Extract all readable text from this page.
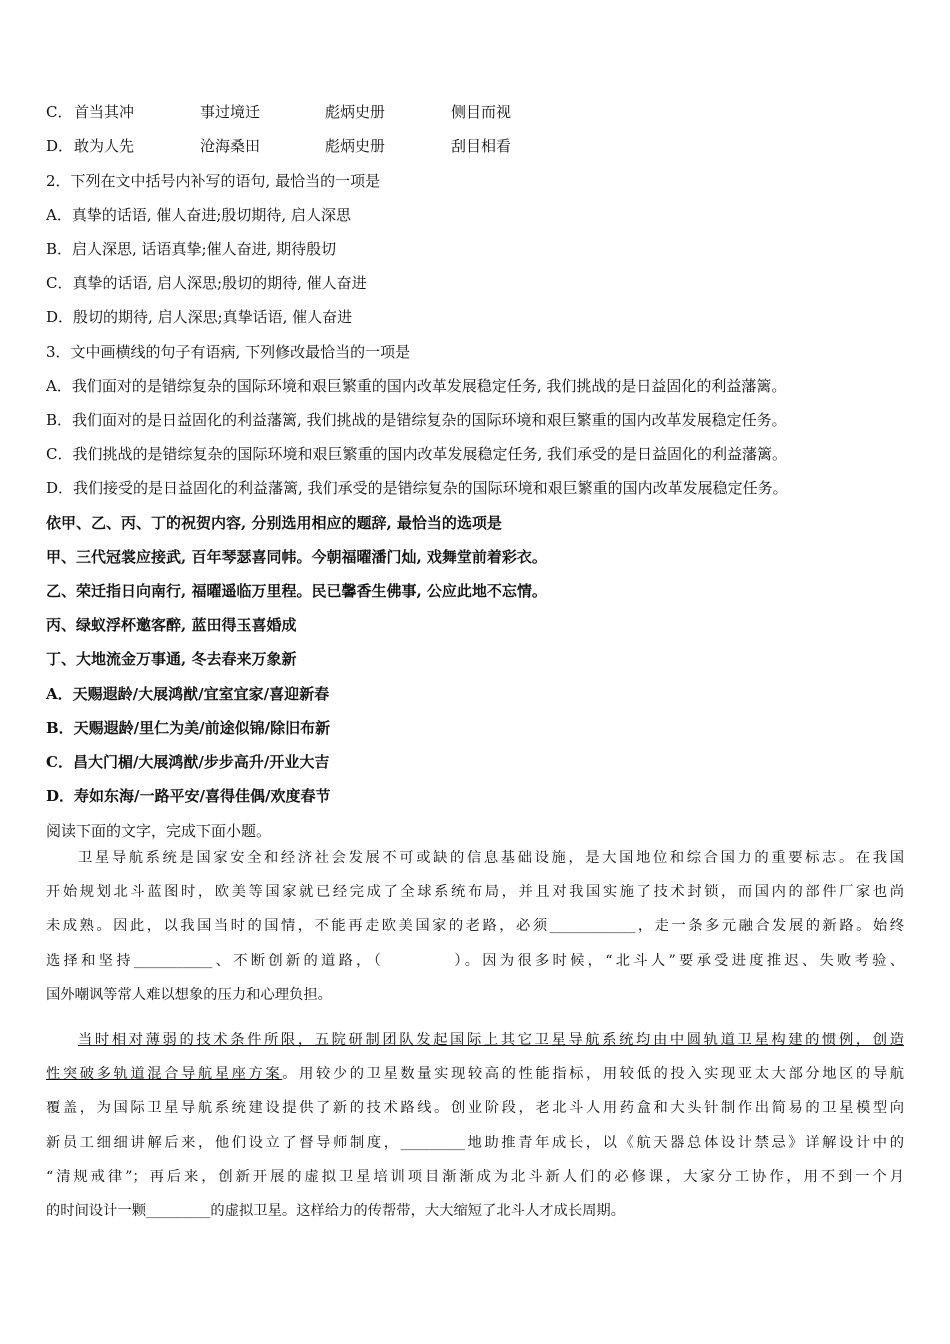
C． 首当其冲	事过境迁	彪炳史册	侧目而视
D． 敢为人先	沧海桑田	彪炳史册	刮目相看
2．下列在文中括号内补写的语句, 最恰当的一项是
A．真挚的话语, 催人奋进;殷切期待, 启人深思
B．启人深思, 话语真挚;催人奋进, 期待殷切
C．真挚的话语, 启人深思;殷切的期待, 催人奋进
D．殷切的期待, 启人深思;真挚话语, 催人奋进
3．文中画横线的句子有语病, 下列修改最恰当的一项是
A．我们面对的是错综复杂的国际环境和艰巨繁重的国内改革发展稳定任务, 我们挑战的是日益固化的利益藩篱。
B．我们面对的是日益固化的利益藩篱, 我们挑战的是错综复杂的国际环境和艰巨繁重的国内改革发展稳定任务。
C．我们挑战的是错综复杂的国际环境和艰巨繁重的国内改革发展稳定任务, 我们承受的是日益固化的利益藩篱。
D．我们接受的是日益固化的利益藩篱, 我们承受的是错综复杂的国际环境和艰巨繁重的国内改革发展稳定任务。
依甲、乙、丙、丁的祝贺内容, 分别选用相应的题辞, 最恰当的选项是
甲、三代冠裳应接武, 百年琴瑟喜同帏。今朝福曜潘门灿, 戏舞堂前着彩衣。
乙、荣迁指日向南行, 福曜遥临万里程。民已馨香生佛事, 公应此地不忘情。
丙、绿蚁浮杯邀客醉, 蓝田得玉喜婚成
丁、大地流金万事通, 冬去春来万象新
A．天赐遐龄/大展鸿猷/宜室宜家/喜迎新春
B．天赐遐龄/里仁为美/前途似锦/除旧布新
C．昌大门楣/大展鸿猷/步步高升/开业大吉
D．寿如东海/一路平安/喜得佳偶/欢度春节
阅读下面的文字，完成下面小题。
卫星导航系统是国家安全和经济社会发展不可或缺的信息基础设施，是大国地位和综合国力的重要标志。在我国
开始规划北斗蓝图时，欧美等国家就已经完成了全球系统布局，并且对我国实施了技术封锁，而国内的部件厂家也尚
未成熟。因此，以我国当时的国情，不能再走欧美国家的老路，必须____________，走一条多元融合发展的新路。始终
选择和坚持___________、不断创新的道路，（　　　　）。因为很多时候，“北斗人”要承受进度推迟、失败考验、
国外嘲讽等常人难以想象的压力和心理负担。
当时相对薄弱的技术条件所限，五院研制团队发起国际上其它卫星导航系统均由中圆轨道卫星构建的惯例，创造
性突破多轨道混合导航星座方案。用较少的卫星数量实现较高的性能指标，用较低的投入实现亚太大部分地区的导航
覆盖，为国际卫星导航系统建设提供了新的技术路线。创业阶段，老北斗人用药盒和大头针制作出简易的卫星模型向
新员工细细讲解后来，他们设立了督导师制度，_________地助推青年成长，以《航天器总体设计禁忌》详解设计中的
“清规戒律”；再后来，创新开展的虚拟卫星培训项目渐渐成为北斗新人们的必修课，大家分工协作，用不到一个月
的时间设计一颗_________的虚拟卫星。这样给力的传帮带，大大缩短了北斗人才成长周期。
